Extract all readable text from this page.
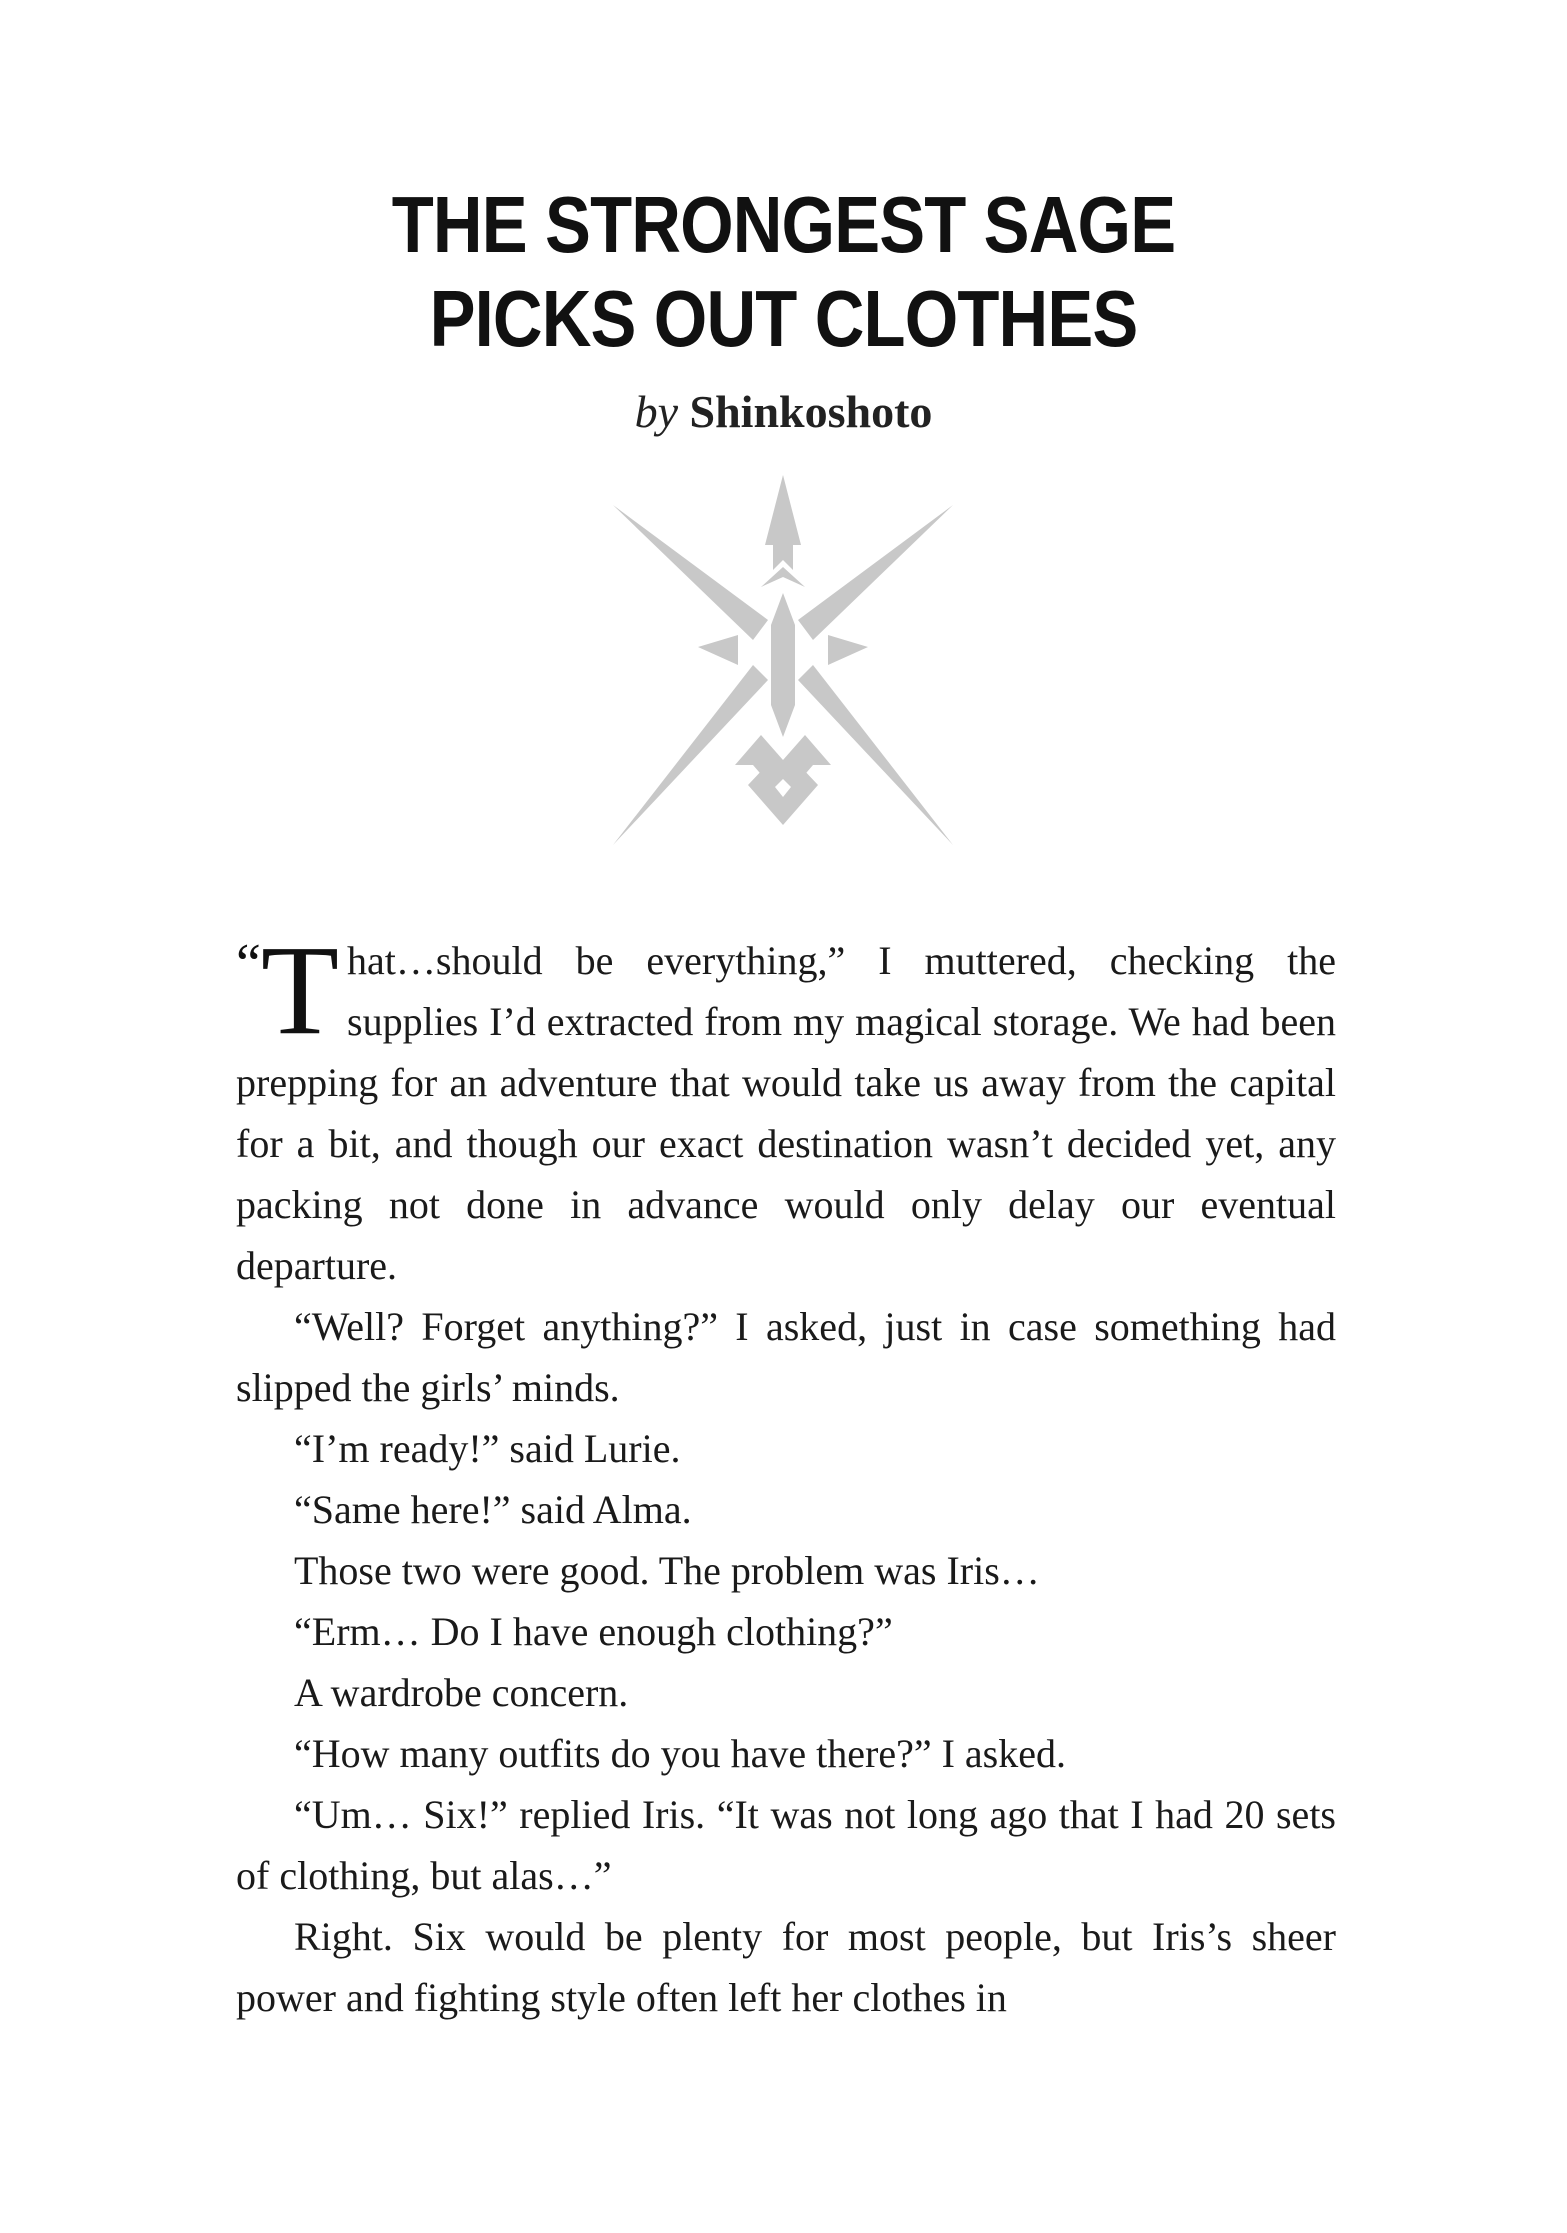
THE STRONGEST SAGE
PICKS OUT CLOTHES
by Shinkoshoto

“T hat…should be everything,” I muttered, checking the supplies I’d extracted from my magical storage. We had been prepping for an adventure that would take us away from the capital for a bit, and though our exact destination wasn’t decided yet, any packing not done in advance would only delay our eventual departure.

“Well? Forget anything?” I asked, just in case something had slipped the girls’ minds.

“I’m ready!” said Lurie.

“Same here!” said Alma.

Those two were good. The problem was Iris…

“Erm… Do I have enough clothing?”

A wardrobe concern.

“How many outfits do you have there?” I asked.

“Um… Six!” replied Iris. “It was not long ago that I had 20 sets of clothing, but alas…”

Right. Six would be plenty for most people, but Iris’s sheer power and fighting style often left her clothes in
